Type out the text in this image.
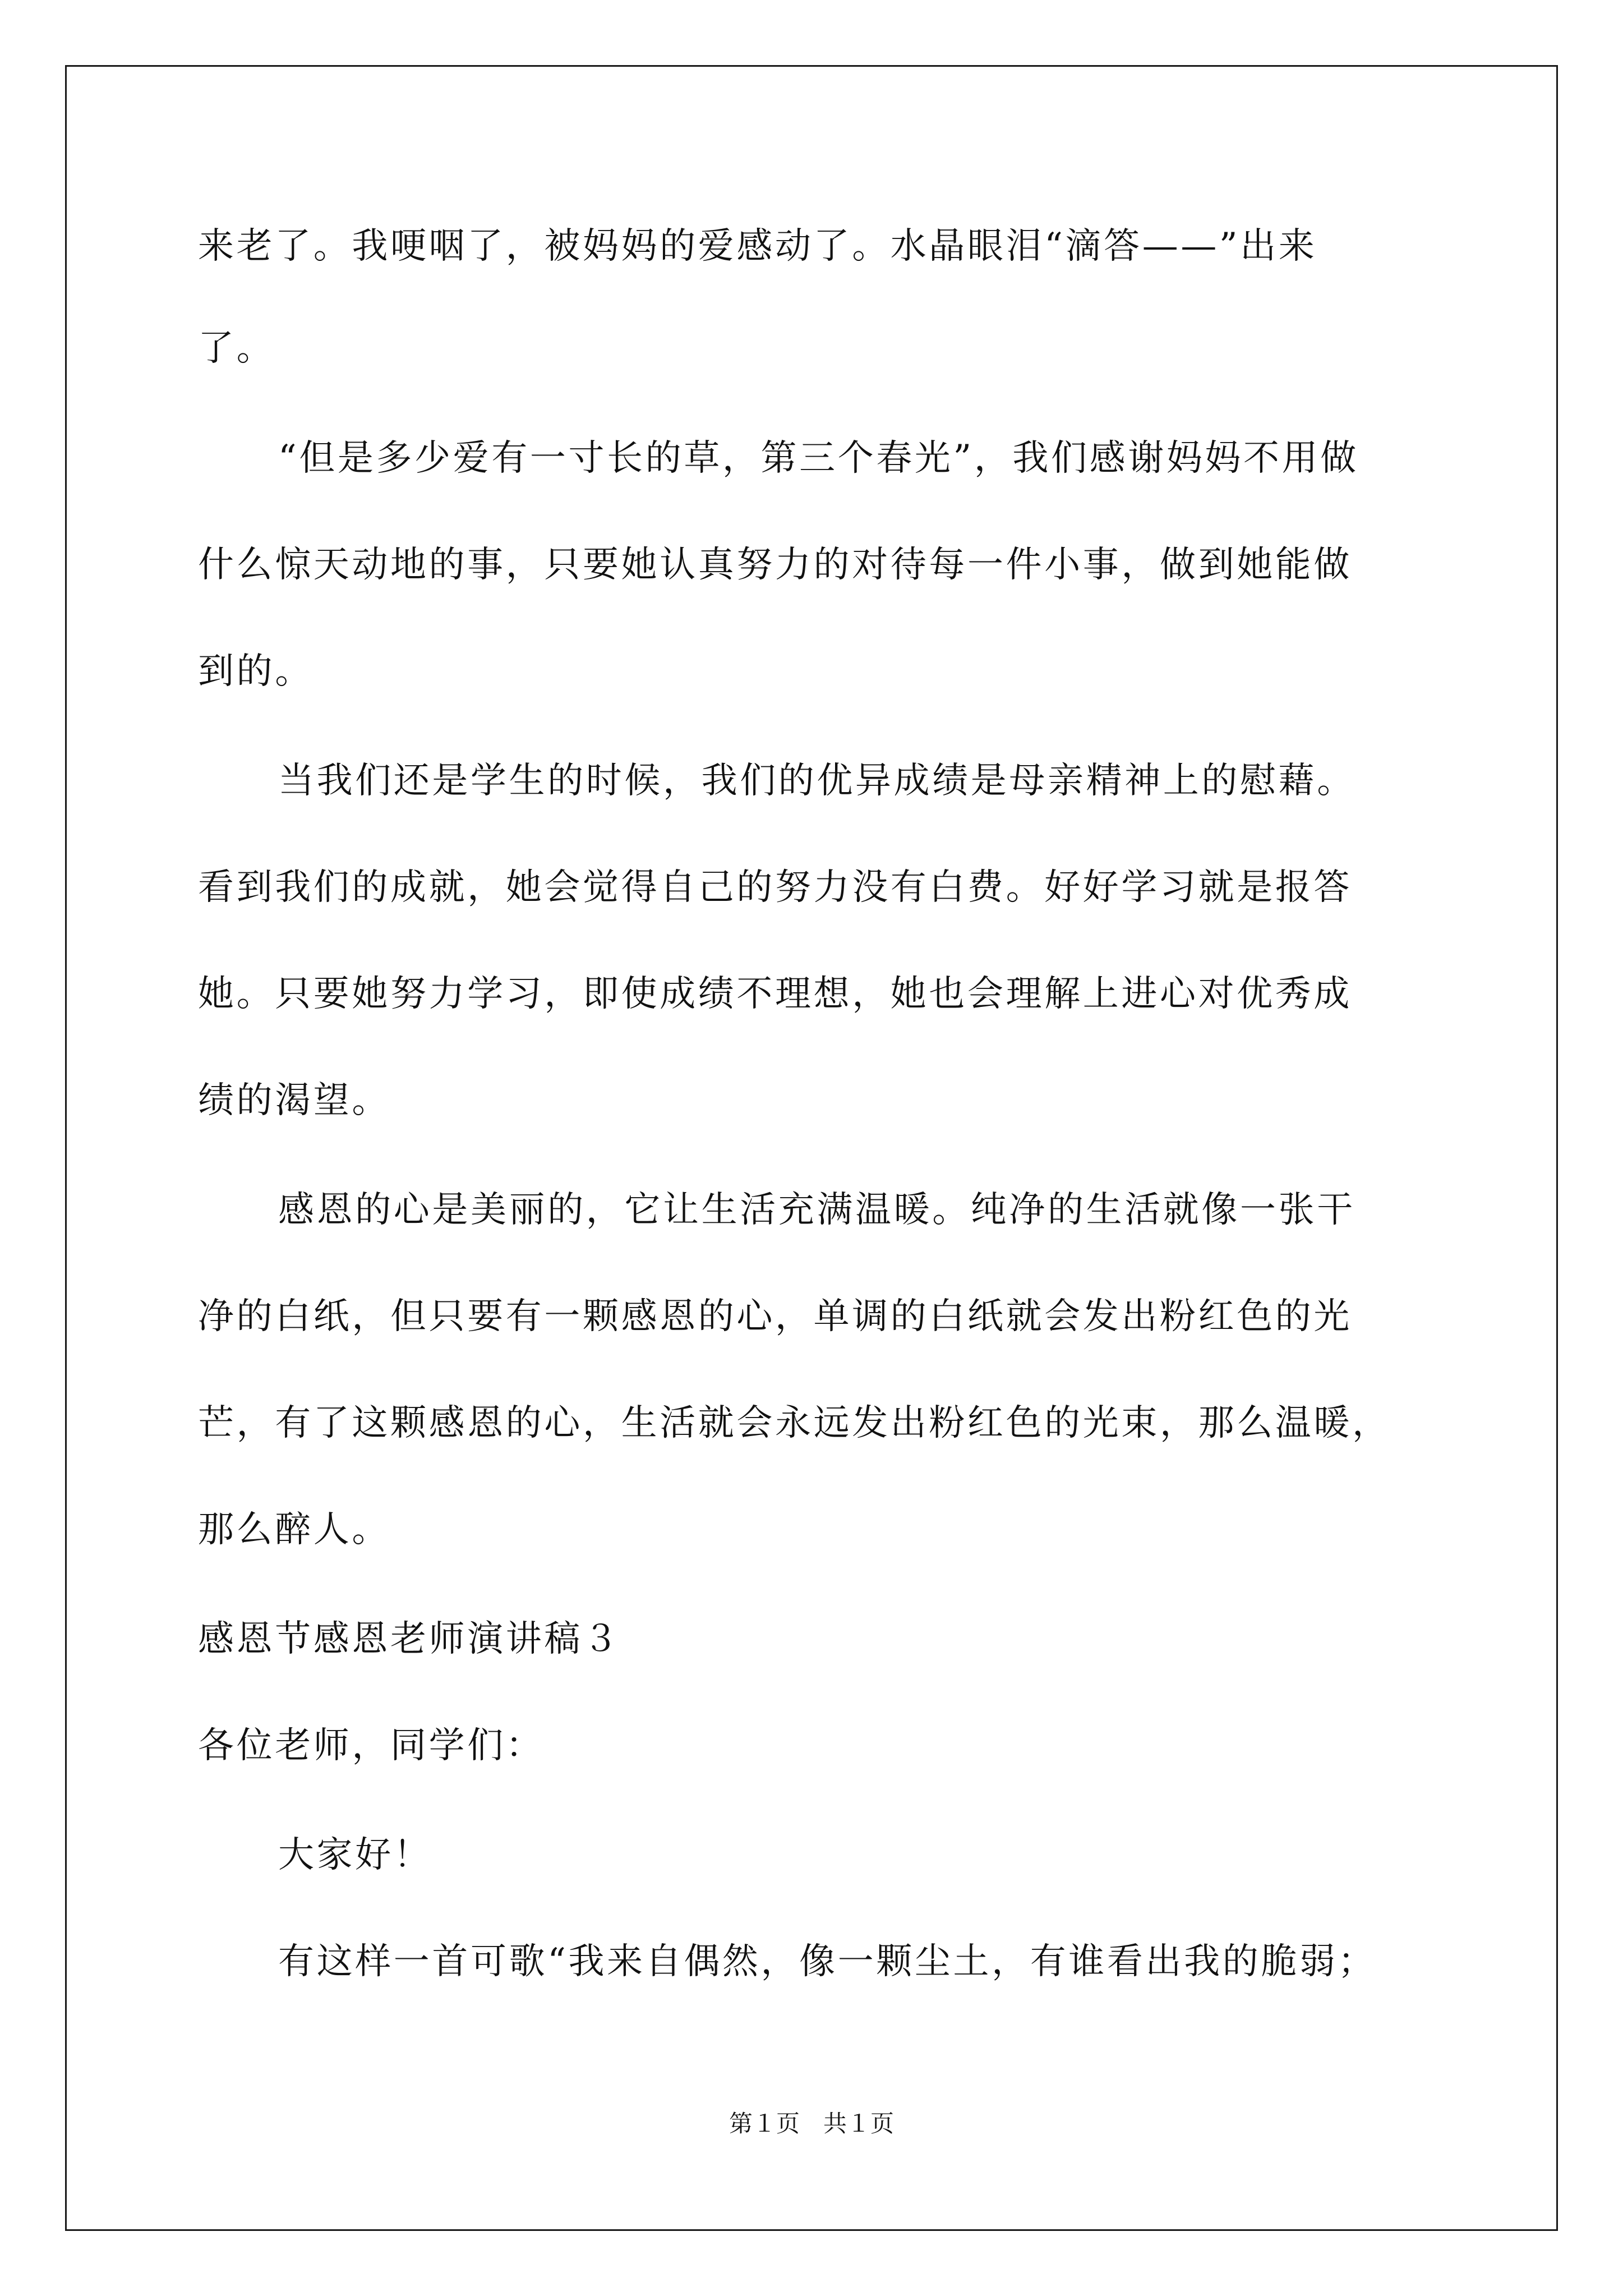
来老了。我哽咽了，被妈妈的爱感动了。水晶眼泪“滴答——”出来
了。
“但是多少爱有一寸长的草，第三个春光”，我们感谢妈妈不用做
什么惊天动地的事，只要她认真努力的对待每一件小事，做到她能做
到的。
当我们还是学生的时候，我们的优异成绩是母亲精神上的慰藉。
看到我们的成就，她会觉得自己的努力没有白费。好好学习就是报答
她。只要她努力学习，即使成绩不理想，她也会理解上进心对优秀成
绩的渴望。
感恩的心是美丽的，它让生活充满温暖。纯净的生活就像一张干
净的白纸，但只要有一颗感恩的心，单调的白纸就会发出粉红色的光
芒，有了这颗感恩的心，生活就会永远发出粉红色的光束，那么温暖，
那么醉人。
感恩节感恩老师演讲稿３
各位老师，同学们：
大家好！
有这样一首可歌“我来自偶然，像一颗尘土，有谁看出我的脆弱；
第１页　共１页
